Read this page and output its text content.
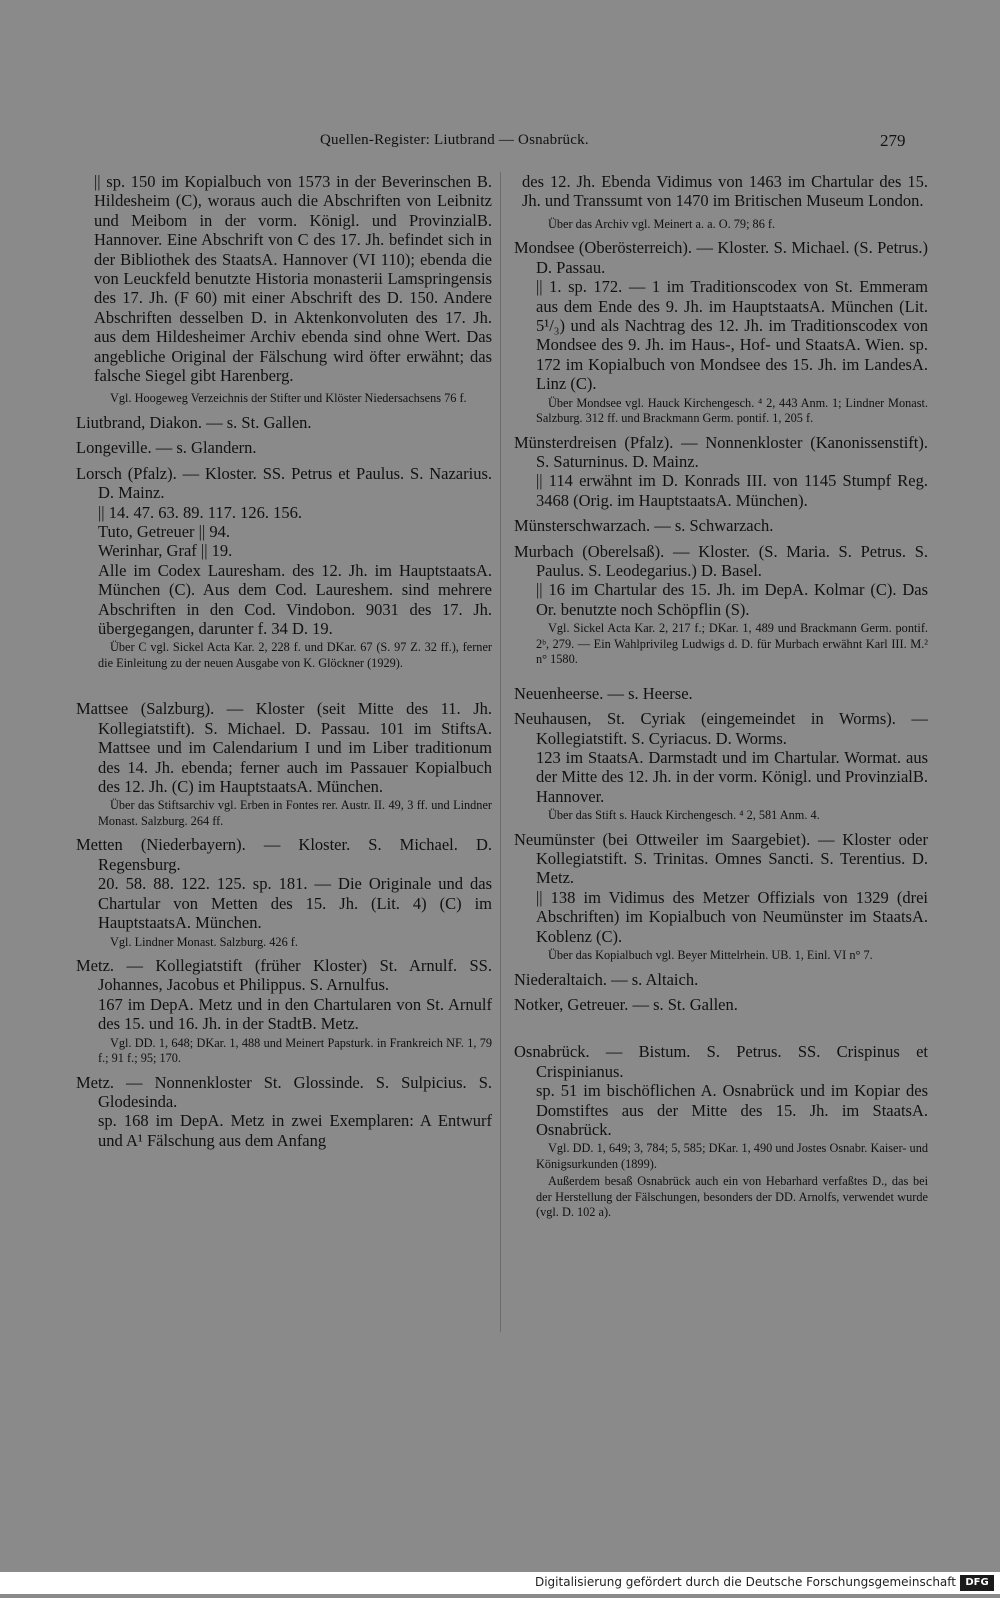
Quellen-Register: Liutbrand — Osnabrück.	279
|| sp. 150 im Kopialbuch von 1573 in der Beverinschen B. Hildesheim (C), woraus auch die Abschriften von Leibnitz und Meibom in der vorm. Königl. und ProvinzialB. Hannover. Eine Abschrift von C des 17. Jh. befindet sich in der Bibliothek des StaatsA. Hannover (VI 110); ebenda die von Leuckfeld benutzte Historia monasterii Lamspringensis des 17. Jh. (F 60) mit einer Abschrift des D. 150. Andere Abschriften desselben D. in Aktenkonvoluten des 17. Jh. aus dem Hildesheimer Archiv ebenda sind ohne Wert. Das angebliche Original der Fälschung wird öfter erwähnt; das falsche Siegel gibt Harenberg.
Vgl. Hoogeweg Verzeichnis der Stifter und Klöster Niedersachsens 76 f.
Liutbrand, Diakon. — s. St. Gallen.
Longeville. — s. Glandern.
Lorsch (Pfalz). — Kloster. SS. Petrus et Paulus. S. Nazarius. D. Mainz.
|| 14. 47. 63. 89. 117. 126. 156.
Tuto, Getreuer || 94.
Werinhar, Graf || 19.
Alle im Codex Lauresham. des 12. Jh. im HauptstaatsA. München (C). Aus dem Cod. Laureshem. sind mehrere Abschriften in den Cod. Vindobon. 9031 des 17. Jh. übergegangen, darunter f. 34 D. 19.
Über C vgl. Sickel Acta Kar. 2, 228 f. und DKar. 67 (S. 97 Z. 32 ff.), ferner die Einleitung zu der neuen Ausgabe von K. Glöckner (1929).
Mattsee (Salzburg). — Kloster (seit Mitte des 11. Jh. Kollegiatstift). S. Michael. D. Passau. 101 im StiftsA. Mattsee und im Calendarium I und im Liber traditionum des 14. Jh. ebenda; ferner auch im Passauer Kopialbuch des 12. Jh. (C) im HauptstaatsA. München.
Über das Stiftsarchiv vgl. Erben in Fontes rer. Austr. II. 49, 3 ff. und Lindner Monast. Salzburg. 264 ff.
Metten (Niederbayern). — Kloster. S. Michael. D. Regensburg.
20. 58. 88. 122. 125. sp. 181. — Die Originale und das Chartular von Metten des 15. Jh. (Lit. 4) (C) im HauptstaatsA. München.
Vgl. Lindner Monast. Salzburg. 426 f.
Metz. — Kollegiatstift (früher Kloster) St. Arnulf. SS. Johannes, Jacobus et Philippus. S. Arnulfus.
167 im DepA. Metz und in den Chartularen von St. Arnulf des 15. und 16. Jh. in der StadtB. Metz.
Vgl. DD. 1, 648; DKar. 1, 488 und Meinert Papsturk. in Frankreich NF. 1, 79 f.; 91 f.; 95; 170.
Metz. — Nonnenkloster St. Glossinde. S. Sulpicius. S. Glodesinda.
sp. 168 im DepA. Metz in zwei Exemplaren: A Entwurf und A¹ Fälschung aus dem Anfang
des 12. Jh. Ebenda Vidimus von 1463 im Chartular des 15. Jh. und Transsumt von 1470 im Britischen Museum London.
Über das Archiv vgl. Meinert a. a. O. 79; 86 f.
Mondsee (Oberösterreich). — Kloster. S. Michael. (S. Petrus.) D. Passau.
|| 1. sp. 172. — 1 im Traditionscodex von St. Emmeram aus dem Ende des 9. Jh. im HauptstaatsA. München (Lit. 5¹/₃) und als Nachtrag des 12. Jh. im Traditionscodex von Mondsee des 9. Jh. im Haus-, Hof- und StaatsA. Wien. sp. 172 im Kopialbuch von Mondsee des 15. Jh. im LandesA. Linz (C).
Über Mondsee vgl. Hauck Kirchengesch. ⁴ 2, 443 Anm. 1; Lindner Monast. Salzburg. 312 ff. und Brackmann Germ. pontif. 1, 205 f.
Münsterdreisen (Pfalz). — Nonnenkloster (Kanonissenstift). S. Saturninus. D. Mainz.
|| 114 erwähnt im D. Konrads III. von 1145 Stumpf Reg. 3468 (Orig. im HauptstaatsA. München).
Münsterschwarzach. — s. Schwarzach.
Murbach (Oberelsaß). — Kloster. (S. Maria. S. Petrus. S. Paulus. S. Leodegarius.) D. Basel.
|| 16 im Chartular des 15. Jh. im DepA. Kolmar (C). Das Or. benutzte noch Schöpflin (S).
Vgl. Sickel Acta Kar. 2, 217 f.; DKar. 1, 489 und Brackmann Germ. pontif. 2ᵇ, 279. — Ein Wahlprivileg Ludwigs d. D. für Murbach erwähnt Karl III. M.² n° 1580.
Neuenheerse. — s. Heerse.
Neuhausen, St. Cyriak (eingemeindet in Worms). — Kollegiatstift. S. Cyriacus. D. Worms.
123 im StaatsA. Darmstadt und im Chartular. Wormat. aus der Mitte des 12. Jh. in der vorm. Königl. und ProvinzialB. Hannover.
Über das Stift s. Hauck Kirchengesch. ⁴ 2, 581 Anm. 4.
Neumünster (bei Ottweiler im Saargebiet). — Kloster oder Kollegiatstift. S. Trinitas. Omnes Sancti. S. Terentius. D. Metz.
|| 138 im Vidimus des Metzer Offizials von 1329 (drei Abschriften) im Kopialbuch von Neumünster im StaatsA. Koblenz (C).
Über das Kopialbuch vgl. Beyer Mittelrhein. UB. 1, Einl. VI n° 7.
Niederaltaich. — s. Altaich.
Notker, Getreuer. — s. St. Gallen.
Osnabrück. — Bistum. S. Petrus. SS. Crispinus et Crispinianus.
sp. 51 im bischöflichen A. Osnabrück und im Kopiar des Domstiftes aus der Mitte des 15. Jh. im StaatsA. Osnabrück.
Vgl. DD. 1, 649; 3, 784; 5, 585; DKar. 1, 490 und Jostes Osnabr. Kaiser- und Königsurkunden (1899).
Außerdem besaß Osnabrück auch ein von Hebarhard verfaßtes D., das bei der Herstellung der Fälschungen, besonders der DD. Arnolfs, verwendet wurde (vgl. D. 102 a).
Digitalisierung gefördert durch die Deutsche Forschungsgemeinschaft DFG
